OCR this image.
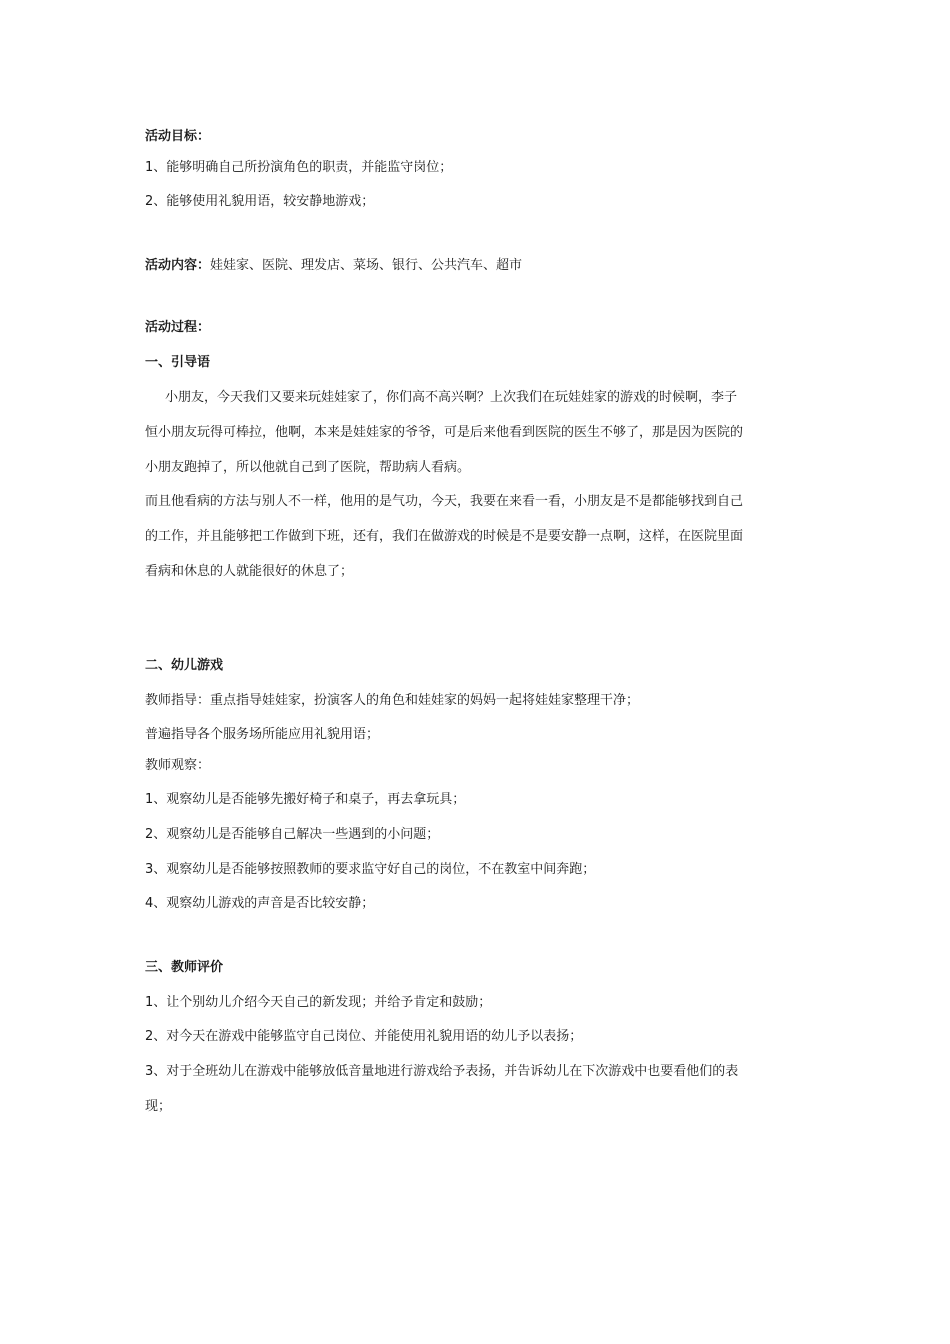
活动目标：
1、能够明确自己所扮演角色的职责，并能监守岗位；
2、能够使用礼貌用语，较安静地游戏；
活动内容：娃娃家、医院、理发店、菜场、银行、公共汽车、超市
活动过程：
一、引导语
小朋友，今天我们又要来玩娃娃家了，你们高不高兴啊？上次我们在玩娃娃家的游戏的时候啊，李子
恒小朋友玩得可棒拉，他啊，本来是娃娃家的爷爷，可是后来他看到医院的医生不够了，那是因为医院的
小朋友跑掉了，所以他就自己到了医院，帮助病人看病。
而且他看病的方法与别人不一样，他用的是气功，今天，我要在来看一看，小朋友是不是都能够找到自己
的工作，并且能够把工作做到下班，还有，我们在做游戏的时候是不是要安静一点啊，这样，在医院里面
看病和休息的人就能很好的休息了；
二、幼儿游戏
教师指导：重点指导娃娃家，扮演客人的角色和娃娃家的妈妈一起将娃娃家整理干净；
普遍指导各个服务场所能应用礼貌用语；
教师观察：
1、观察幼儿是否能够先搬好椅子和桌子，再去拿玩具；
2、观察幼儿是否能够自己解决一些遇到的小问题；
3、观察幼儿是否能够按照教师的要求监守好自己的岗位，不在教室中间奔跑；
4、观察幼儿游戏的声音是否比较安静；
三、教师评价
1、让个别幼儿介绍今天自己的新发现；并给予肯定和鼓励；
2、对今天在游戏中能够监守自己岗位、并能使用礼貌用语的幼儿予以表扬；
3、对于全班幼儿在游戏中能够放低音量地进行游戏给予表扬，并告诉幼儿在下次游戏中也要看他们的表
现；
